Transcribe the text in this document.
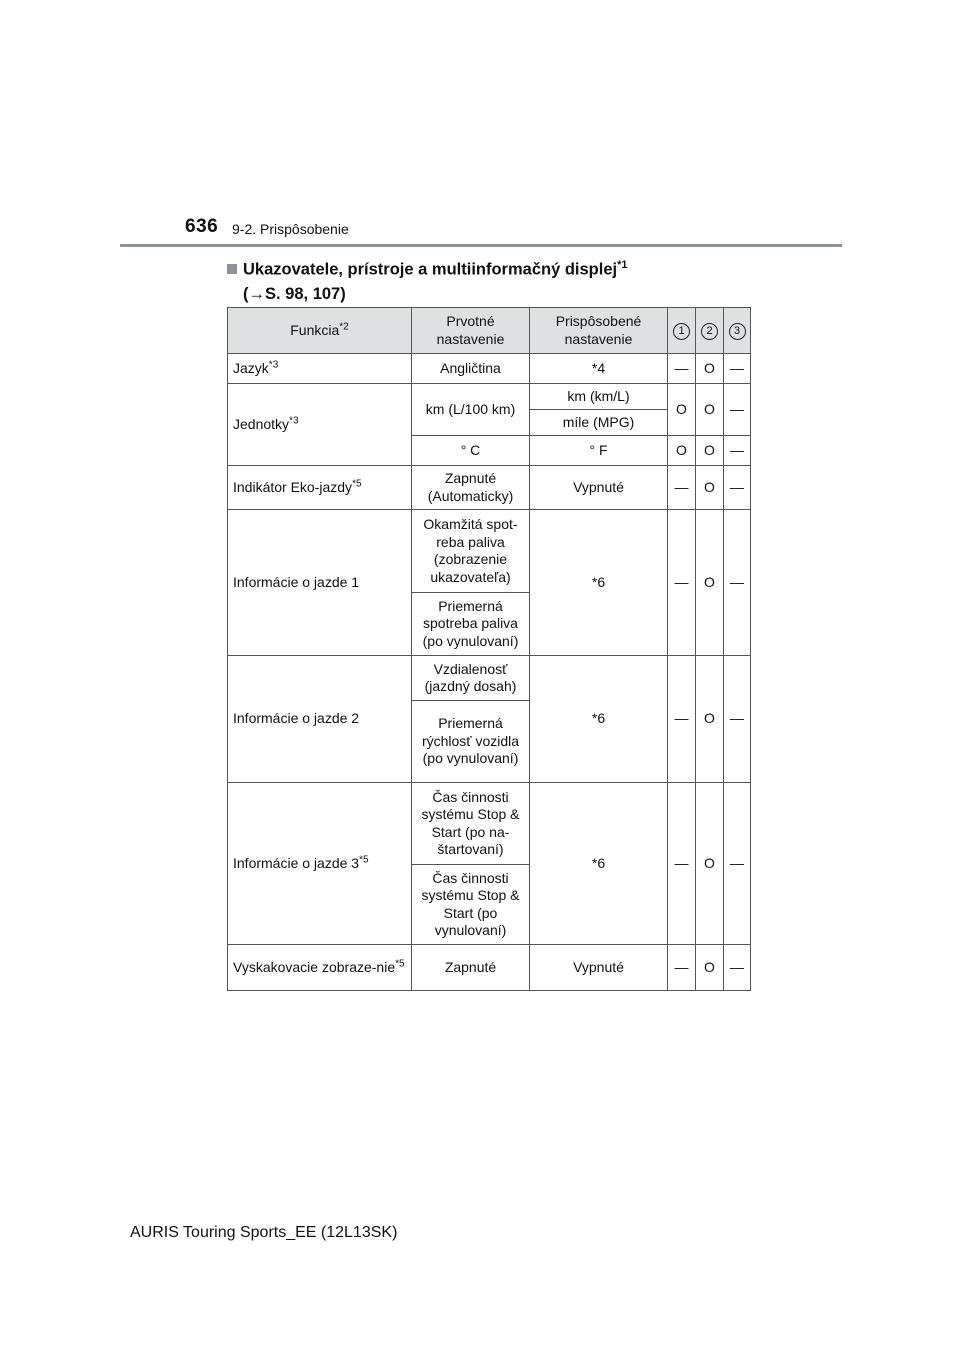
636 9-2. Prispôsobenie
Ukazovatele, prístroje a multiinformačný displej$^{*1}$
(→S. 98, 107)
Funkcia$^{*2}$	Prvotné nastavenie	Prispôsobené nastavenie	1	2	3
Jazyk$^{*3}$	Angličtina	*4	—	O	—
Jednotky$^{*3}$	km (L/100 km)	km (km/L)	O	O	—
		míle (MPG)			
	° C	° F	O	O	—
Indikátor Eko-jazdy$^{*5}$	Zapnuté (Automaticky)	Vypnuté	—	O	—
Informácie o jazde 1	Okamžitá spot-reba paliva (zobrazenie ukazovateľa)	*6	—	O	—
	Priemerná spotreba paliva (po vynulovaní)				
Informácie o jazde 2	Vzdialenosť (jazdný dosah)	*6	—	O	—
	Priemerná rýchlosť vozidla (po vynulovaní)				
Informácie o jazde 3$^{*5}$	Čas činnosti systému Stop & Start (po na-štartovaní)	*6	—	O	—
	Čas činnosti systému Stop & Start (po vynulovaní)				
Vyskakovacie zobraze-nie$^{*5}$	Zapnuté	Vypnuté	—	O	—
AURIS Touring Sports_EE (12L13SK)
